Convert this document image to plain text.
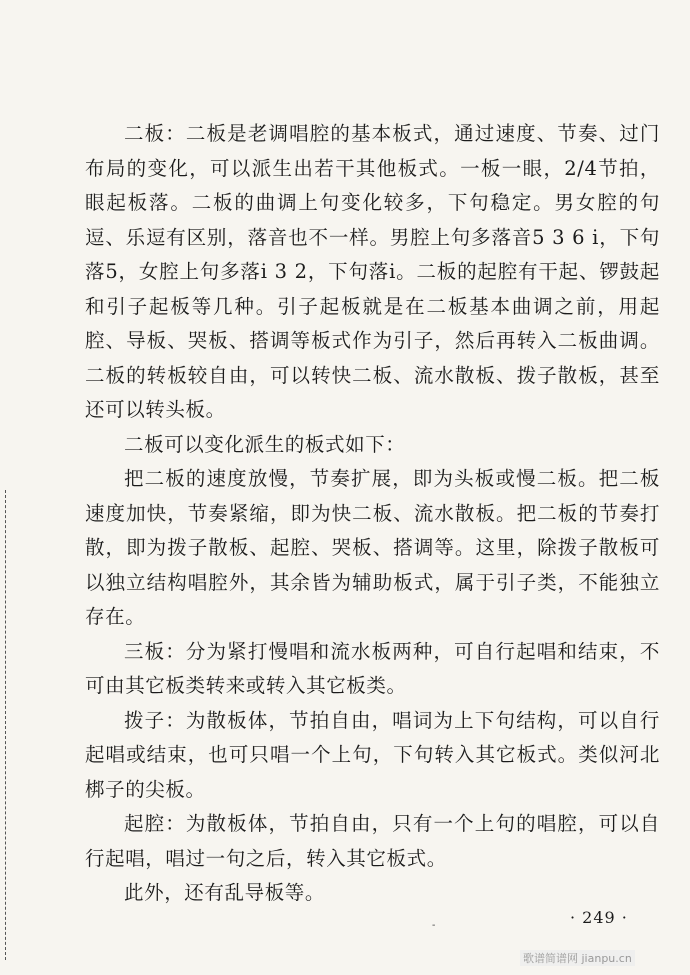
二板：二板是老调唱腔的基本板式，通过速度、节奏、过门布局的变化，可以派生出若干其他板式。一板一眼，2/4节拍，眼起板落。二板的曲调上句变化较多，下句稳定。男女腔的句逗、乐逗有区别，落音也不一样。男腔上句多落音5 3 6 i，下句落5，女腔上句多落i 3 2，下句落i。二板的起腔有干起、锣鼓起和引子起板等几种。引子起板就是在二板基本曲调之前，用起腔、导板、哭板、搭调等板式作为引子，然后再转入二板曲调。二板的转板较自由，可以转快二板、流水散板、拨子散板，甚至还可以转头板。

二板可以变化派生的板式如下：

把二板的速度放慢，节奏扩展，即为头板或慢二板。把二板速度加快，节奏紧缩，即为快二板、流水散板。把二板的节奏打散，即为拨子散板、起腔、哭板、搭调等。这里，除拨子散板可以独立结构唱腔外，其余皆为辅助板式，属于引子类，不能独立存在。

三板：分为紧打慢唱和流水板两种，可自行起唱和结束，不可由其它板类转来或转入其它板类。

拨子：为散板体，节拍自由，唱词为上下句结构，可以自行起唱或结束，也可只唱一个上句，下句转入其它板式。类似河北梆子的尖板。

起腔：为散板体，节拍自由，只有一个上句的唱腔，可以自行起唱，唱过一句之后，转入其它板式。

此外，还有乱导板等。

-	· 249 ·
歌谱简谱网 jianpu.cn
